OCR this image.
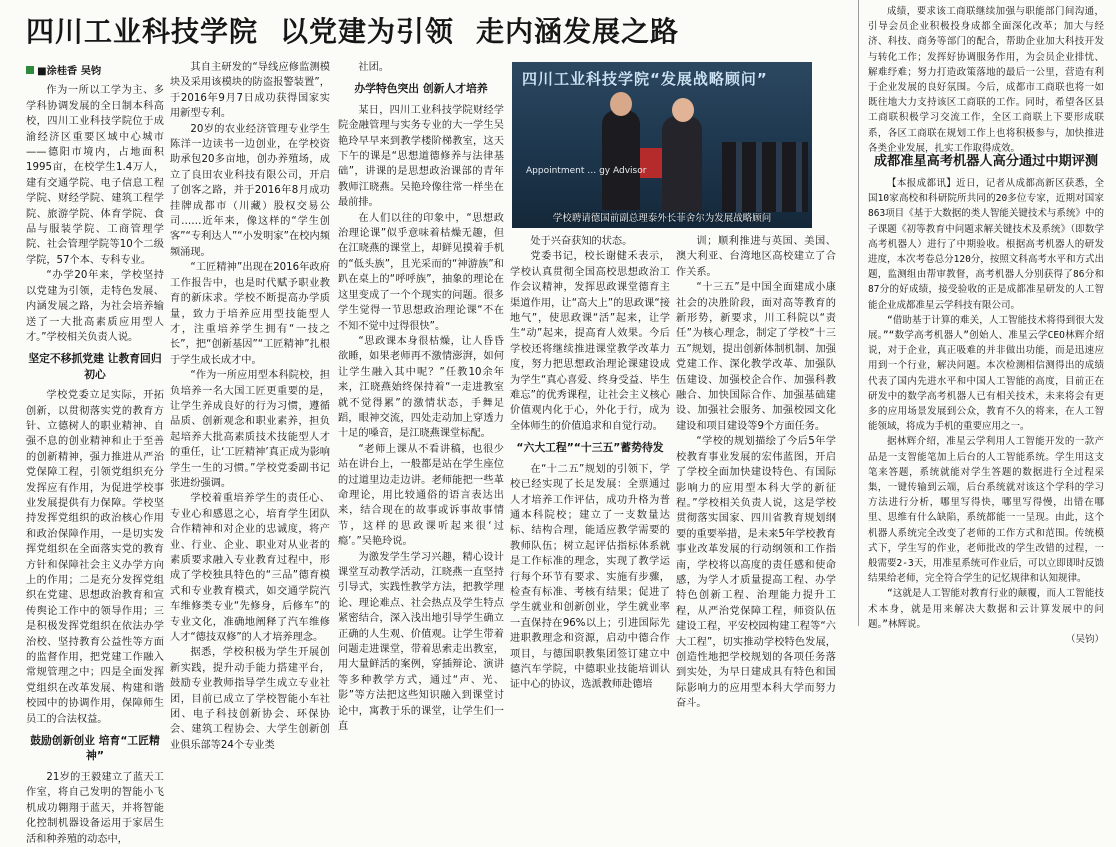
四川工业科技学院 以党建为引领 走内涵发展之路

■涂桂香 吴钧

作为一所以工学为主、多学科协调发展的全日制本科高校，四川工业科技学院位于成渝经济区重要区域中心城市——德阳市境内，占地面积1995亩，在校学生1.4万人，建有交通学院、电子信息工程学院、财经学院、建筑工程学院、旅游学院、体育学院、食品与服装学院、工商管理学院、社会管理学院等10个二级学院，57个本、专科专业。

“办学20年来，学校坚持以党建为引领，走特色发展、内涵发展之路，为社会培养输送了一大批高素质应用型人才。”学校相关负责人说。

坚定不移抓党建 让教育回归初心

学校党委立足实际，开拓创新，以贯彻落实党的教育方针、立德树人的职业精神、自强不息的创业精神和止于至善的创新精神，强力推进从严治党保障工程，引领党组织充分发挥应有作用，为促进学校事业发展提供有力保障。学校坚持发挥党组织的政治核心作用和政治保障作用，一是切实发挥党组织在全面落实党的教育方针和保障社会主义办学方向上的作用；二是充分发挥党组织在党建、思想政治教育和宣传舆论工作中的领导作用；三是积极发挥党组织在依法办学治校、坚持教育公益性等方面的监督作用，把党建工作融入常规管理之中；四是全面发挥党组织在改革发展、构建和谐校园中的协调作用，保障师生员工的合法权益。

鼓励创新创业 培育“工匠精神”

21岁的王毅建立了蓝天工作室，将自己发明的智能小飞机成功翱翔于蓝天，并将智能化控制机器设备运用于家居生活和种养殖的动态中，

其自主研发的“导线应修监测模块及采用该模块的防盗报警装置”，于2016年9月7日成功获得国家实用新型专利。

20岁的农业经济管理专业学生陈洋一边读书一边创业，在学校资助承包20多亩地，创办养殖场，成立了良田农业科技有限公司，开启了创客之路，并于2016年8月成功挂牌成都市（川藏）股权交易公司……近年来，像这样的“学生创客”“专利达人”“小发明家”在校内频频涌现。

“工匠精神”出现在2016年政府工作报告中，也是时代赋予职业教育的新床求。学校不断提高办学质量，致力于培养应用型技能型人才，注重培养学生拥有“一技之长”，把“创新基因”“工匠精神”扎根于学生成长成才中。

“作为一所应用型本科院校，担负培养一名大国工匠更重要的是，让学生养成良好的行为习惯，遵循品质、创新观念和职业素养，担负起培养大批高素质技术技能型人才的重任，让‘工匠精神’真正成为影响学生一生的习惯。”学校党委副书记张进纷强调。

学校着重培养学生的责任心、专业心和感恩之心，培育学生团队合作精神和对企业的忠诚度，将产业、行业、企业、职业对从业者的素质要求融入专业教育过程中，形成了学校独具特色的“三品”德育模式和专业教育模式，如交通学院汽车维修类专业“先修身，后修车”的专业文化，准确地阐释了汽车维修人才“德技双修”的人才培养理念。

据悉，学校积极为学生开展创新实践，提升动手能力搭建平台，鼓励专业教师指导学生成立专业社团，目前已成立了学校智能小车社团、电子科技创新协会、环保协会、建筑工程协会、大学生创新创业俱乐部等24个专业类

社团。

办学特色突出 创新人才培养

某日，四川工业科技学院财经学院金融管理与实务专业的大一学生吴艳玲早早来到教学楼阶梯教室，这天下午的课是“思想道德修养与法律基础”，讲课的是思想政治课部的青年教师江晓燕。吴艳玲像往常一样坐在最前排。

在人们以往的印象中，“思想政治理论课”似乎意味着枯燥无趣，但在江晓燕的课堂上，却鲜见摸着手机的“低头族”，且光采而的“神游族”和趴在桌上的“呼呼族”，抽象的理论在这里变成了一个个现实的问题。很多学生觉得一节思想政治理论课“不在不知不觉中过得很快”。

“思政课本身很枯燥，让人昏昏欲睡，如果老师再不激情澎湃，如何让学生融入其中呢？”任教10余年来，江晓燕始终保持着“一走进教室就不觉得累”的激情状态，手舞足蹈，眼神交流，四处走动加上穿透力十足的嗓音，是江晓燕课堂标配。

“老师上课从不看讲稿，也很少站在讲台上，一般都是站在学生座位的过道里边走边讲。老师能把一些革命理论，用比较通俗的语言表达出来，结合现在的故事或诉事故事情节，这样的思政课听起来很‘过瘾’。”吴艳玲说。

为激发学生学习兴趣，精心设计课堂互动教学活动，江晓燕一直坚持引导式，实践性教学方法，把教学理论、理论难点、社会热点及学生特点紧密结合，深入浅出地引导学生确立正确的人生观、价值观。让学生带着问题走进课堂，带着思索走出教室，用大量鲜活的案例，穿插辩论、演讲等多种教学方式，通过“声、光、影”等方法把这些知识融入到课堂讨论中，寓教于乐的课堂，让学生们一直

四川工业科技学院“发展战略顾问”
Appointment … gy Advisor
学校聘请德国前副总理泰外长菲舍尔为发展战略顾问

处于兴奋获知的状态。

党委书记，校长谢健禾表示，学校认真贯彻全国高校思想政治工作会议精神，发挥思政课堂德育主渠道作用，让“高大上”的思政课“接地气”，使思政课“活”起来，让学生“动”起来，提高育人效果。今后学校还将继续推进课堂教学改革力度，努力把思想政治理论课建设成为学生“真心喜爱、终身受益、毕生难忘”的优秀课程，让社会主义核心价值观内化于心，外化于行，成为全体师生的价值追求和自觉行动。

“六大工程”“十三五”蓄势待发

在“十二五”规划的引领下，学校已经实现了长足发展：全票通过人才培养工作评估，成功升格为普通本科院校；建立了一支数量达标、结构合理，能适应教学需要的教师队伍；树立起评估指标体系就是工作标准的理念，实现了教学运行每个环节有要求、实施有步骤，检查有标准、考核有结果；促进了学生就业和创新创业，学生就业率一直保持在96%以上；引进国际先进职教理念和资源，启动中德合作项目，与德国职教集团签订建立中德汽车学院，中德职业技能培训认证中心的协议，选派教师赴德培

训；顺利推进与英国、美国、澳大利亚、台湾地区高校建立了合作关系。

“十三五”是中国全面建成小康社会的决胜阶段，面对高等教育的新形势，新要求，川工科院以“责任”为核心理念，制定了学校“十三五”规划，提出创新体制机制、加强党建工作、深化教学改革、加强队伍建设、加强校企合作、加强科教融合、加快国际合作、加强基础建设、加强社会服务、加强校园文化建设和项目建设等9个方面任务。

“学校的规划描绘了今后5年学校教育事业发展的宏伟蓝图，开启了学校全面加快建设特色、有国际影响力的应用型本科大学的新征程。”学校相关负责人说，这是学校贯彻落实国家、四川省教育规划纲要的重要举措，是未来5年学校教育事业改革发展的行动纲领和工作指南，学校将以高度的责任感和使命感，为学人才质量提高工程、办学特色创新工程、治理能力提升工程，从严治党保障工程，师资队伍建设工程，平安校园构建工程等“六大工程”，切实推动学校特色发展，创造性地把学校规划的各项任务落到实处，为早日建成具有特色和国际影响力的应用型本科大学而努力奋斗。

成绩，要求该工商联继续加强与职能部门间沟通，引导会员企业积极投身成都全面深化改革；加大与经济、科技、商务等部门的配合，帮助企业加大科技开发与转化工作；发挥好协调服务作用，为会员企业排忧、解难纾难；努力打造政策落地的最后一公里，营造有利于企业发展的良好氛围。今后，成都市工商联也将一如既往地大力支持该区工商联的工作。同时，希望各区县工商联积极学习交流工作，全区工商联上下要形成联系，各区工商联在规划工作上也将积极参与，加快推进各类企业发展，扎实工作取得成效。

成都准星高考机器人高分通过中期评测

【本报成都讯】近日，记者从成都高新区获悉，全国10家高校和科研院所共同的20多位专家，近期对国家863项目《基于大数据的类人智能关键技术与系统》中的子课题《初等教育中问题求解关键技术及系统》（即数学高考机器人）进行了中期验收。根据高考机器人的研发进度，本次考卷总分120分，按照文科高考水平和方式出题，监测组由帮审教督，高考机器人分别获得了86分和87分的好成绩，接受验收的正是成都准星研发的人工智能企业成都准星云学科技有限公司。

“借助基于计算的难关，人工智能技术将得到很大发展。”“数学高考机器人”创始人、准星云学CEO林辉介绍说，对于企业，真正吸难的并非做出功能，而是迅速应用到一个行业，解决问题。本次检测相信测得出的成绩代表了国内先进水平和中国人工智能的高度，目前正在研发中的数学高考机器人已有相关技术，未来将会有更多的应用场景发展到公众，教育不久的将来，在人工智能领域，将成为手机的重要应用之一。

据林辉介绍，准星云学利用人工智能开发的一款产品是一支智能笔加上后台的人工智能系统。学生用这支笔来答题，系统就能对学生答题的数据进行全过程采集，一键传输到云端，后台系统就对该这个学科的学习方法进行分析，哪里写得快，哪里写得慢，出错在哪里、思维有什么缺陷，系统都能一一呈现。由此，这个机器人系统完全改变了老师的工作方式和范围。传统模式下，学生写的作业，老师批改的学生改错的过程，一般需要2-3天，用准星系统可作业后，可以立即即时反馈结果给老师，完全符合学生的记忆规律和认知规律。

“这就是人工智能对教育行业的颠覆，而人工智能技术本身，就是用来解决大数据和云计算发展中的问题。”林辉说。

（吴钧）
